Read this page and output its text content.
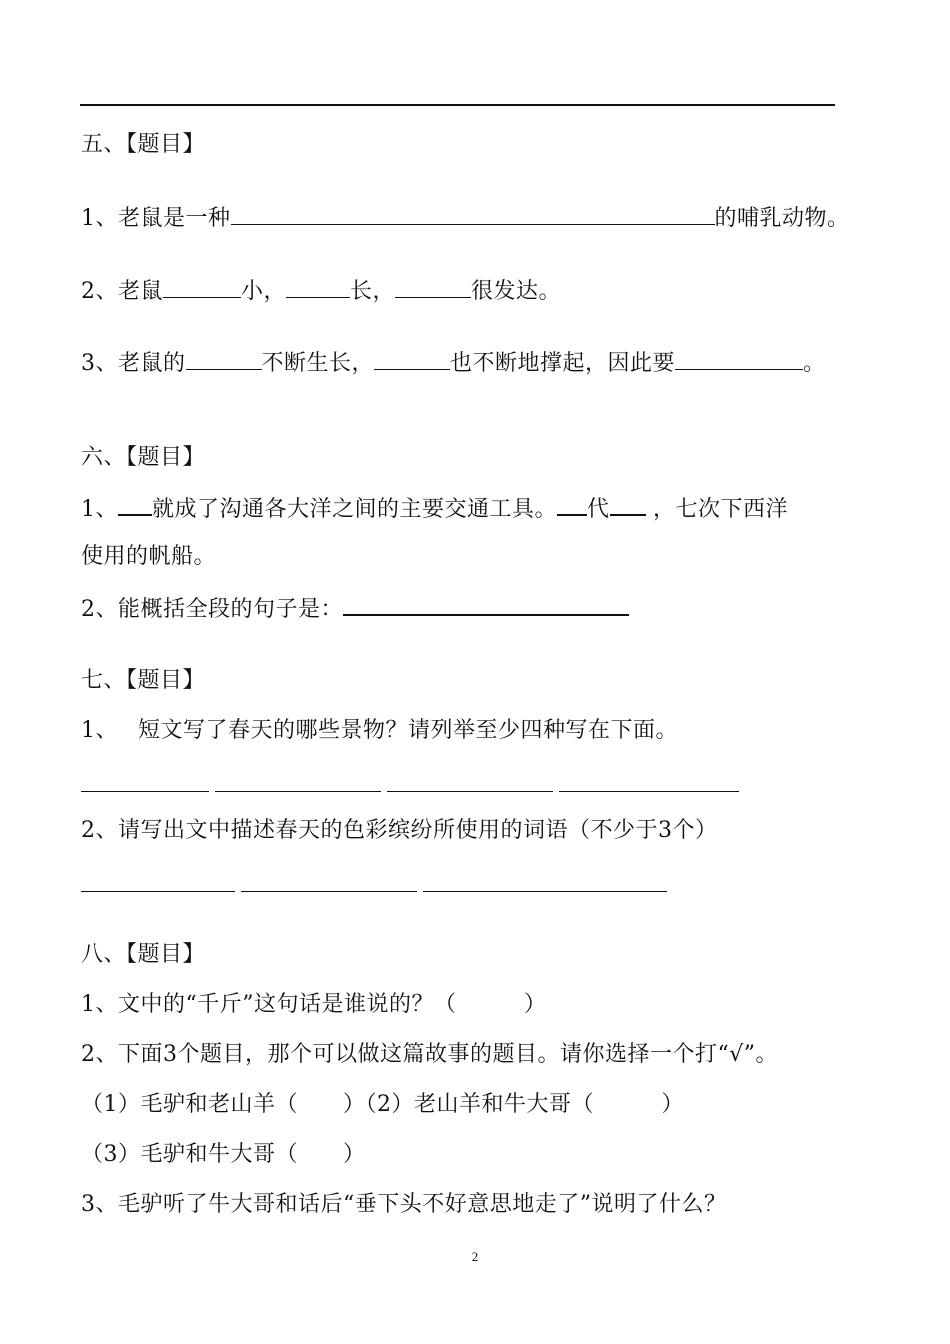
五、【题目】
1、老鼠是一种	的哺乳动物。
2、老鼠	小，	长，	很发达。
3、老鼠的	不断生长，	也不断地撑起，因此要	。
六、【题目】
1、 就成了沟通各大洋之间的主要交通工具。 代 ，七次下西洋
使用的帆船。
2、能概括全段的句子是：
七、【题目】
1、 短文写了春天的哪些景物？请列举至少四种写在下面。
2、请写出文中描述春天的色彩缤纷所使用的词语（不少于3个）
八、【题目】
1、文中的“千斤”这句话是谁说的？（　　　）
2、下面3个题目，那个可以做这篇故事的题目。请你选择一个打“√”。
（1）毛驴和老山羊（　　）（2）老山羊和牛大哥（　　　）
（3）毛驴和牛大哥（　　）
3、毛驴听了牛大哥和话后“垂下头不好意思地走了”说明了什么？
2
